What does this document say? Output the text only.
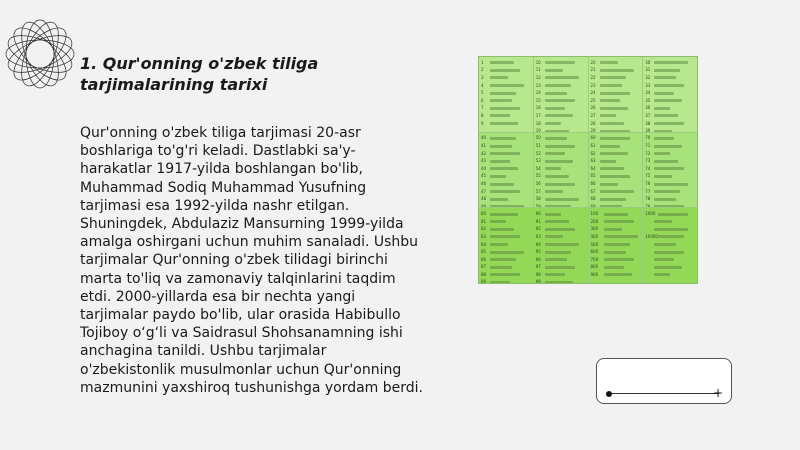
1. Qur'onning o'zbek tiliga tarjimalarining tarixi

Qur'onning o'zbek tiliga tarjimasi 20-asr boshlariga to'g'ri keladi. Dastlabki sa'y-harakatlar 1917-yilda boshlangan bo'lib, Muhammad Sodiq Muhammad Yusufning tarjimasi esa 1992-yilda nashr etilgan. Shuningdek, Abdulaziz Mansurning 1999-yilda amalga oshirgani uchun muhim sanaladi. Ushbu tarjimalar Qur'onning o'zbek tilidagi birinchi marta to'liq va zamonaviy talqinlarini taqdim etdi. 2000-yillarda esa bir nechta yangi tarjimalar paydo bo'lib, ular orasida Habibullo Tojiboy o‘g‘li va Saidrasul Shohsanamning ishi anchagina tanildi. Ushbu tarjimalar o'zbekistonlik musulmonlar uchun Qur'onning mazmunini yaxshiroq tushunishga yordam berdi.

1
2
3
4
5
6
7
8
9
10
11
12
13
14
15
16
17
18
19
20
21
22
23
24
25
26
27
28
29
30
31
32
33
34
35
36
37
38
39
40
41
42
43
44
45
46
47
48
49
50
51
52
53
54
55
56
57
58
59
60
61
62
63
64
65
66
67
68
69
70
71
72
73
74
75
76
77
78
79
80
81
82
83
84
85
86
87
88
89
90
91
92
93
94
95
96
97
98
99
100
200
300
400
500
600
700
800
900
1000
10000
+
